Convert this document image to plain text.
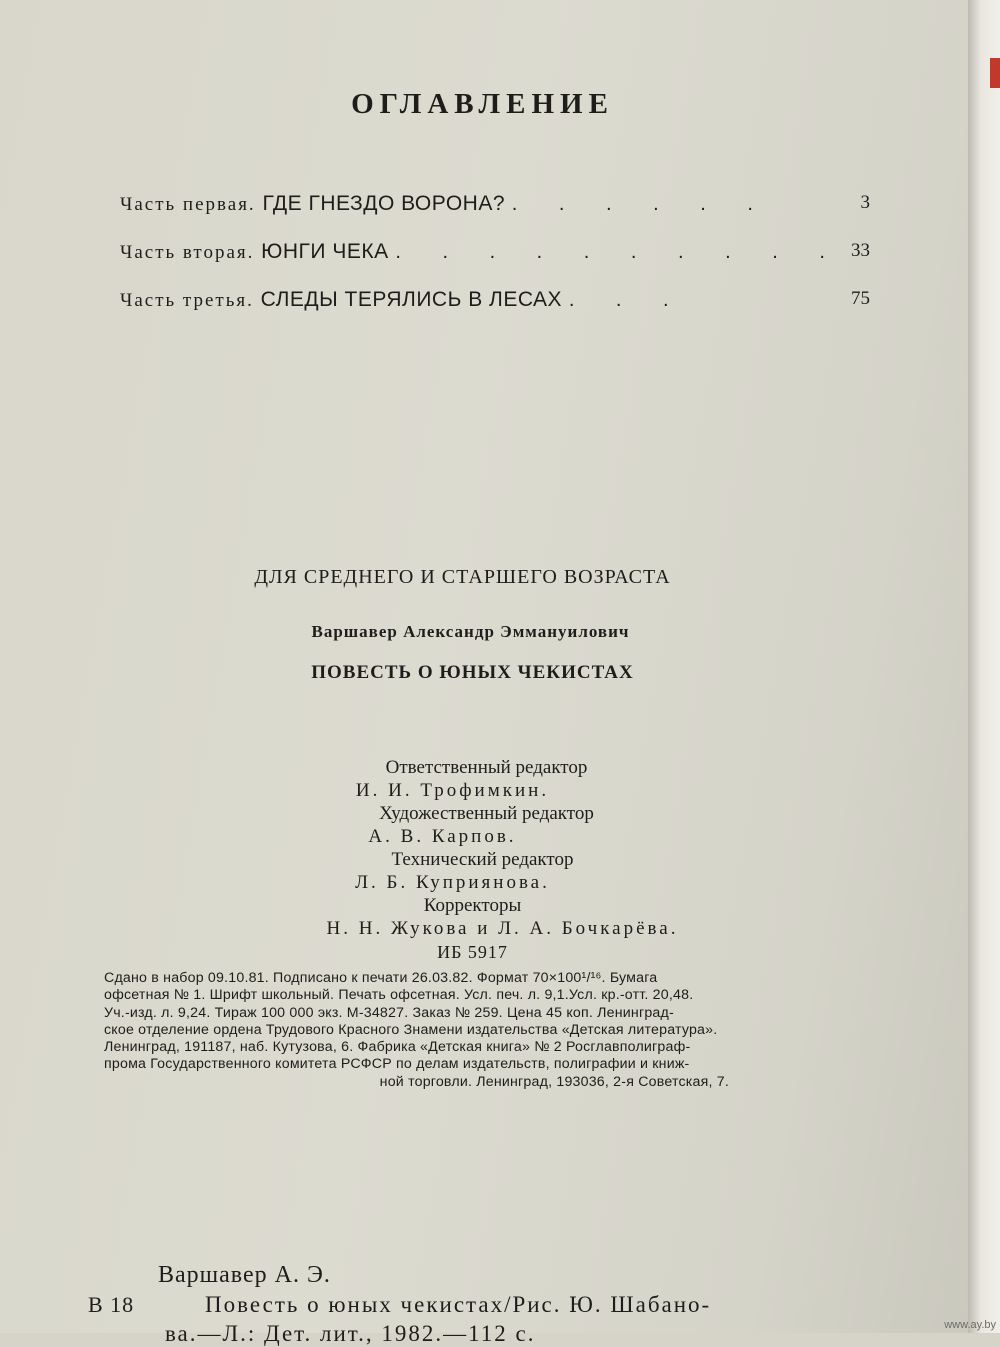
ОГЛАВЛЕНИЕ
Часть первая. ГДЕ ГНЕЗДО ВОРОНА? . . . . . .	3
Часть вторая. ЮНГИ ЧЕКА . . . . . . . . . . 33
Часть третья. СЛЕДЫ ТЕРЯЛИСЬ В ЛЕСАХ . . .	75
ДЛЯ СРЕДНЕГО И СТАРШЕГО ВОЗРАСТА
Варшавер Александр Эммануилович
ПОВЕСТЬ О ЮНЫХ ЧЕКИСТАХ
Ответственный редактор
И. И. Трофимкин.
Художественный редактор
А. В. Карпов.
Технический редактор
Л. Б. Куприянова.
Корректоры
Н. Н. Жукова и Л. А. Бочкарёва.
ИБ 5917
Сдано в набор 09.10.81. Подписано к печати 26.03.82. Формат 70×100¹/¹⁶. Бумага
офсетная № 1. Шрифт школьный. Печать офсетная. Усл. печ. л. 9,1.Усл. кр.-отт. 20,48.
Уч.-изд. л. 9,24. Тираж 100 000 экз. М-34827. Заказ № 259. Цена 45 коп. Ленинград-
ское отделение ордена Трудового Красного Знамени издательства «Детская литература».
Ленинград, 191187, наб. Кутузова, 6. Фабрика «Детская книга» № 2 Росглавполиграф-
прома Государственного комитета РСФСР по делам издательств, полиграфии и книж-
ной торговли. Ленинград, 193036, 2-я Советская, 7.
Варшавер А. Э.
В 18	Повесть о юных чекистах/Рис. Ю. Шабано-
ва.—Л.: Дет. лит., 1982.—112 с.	www.ay.by
